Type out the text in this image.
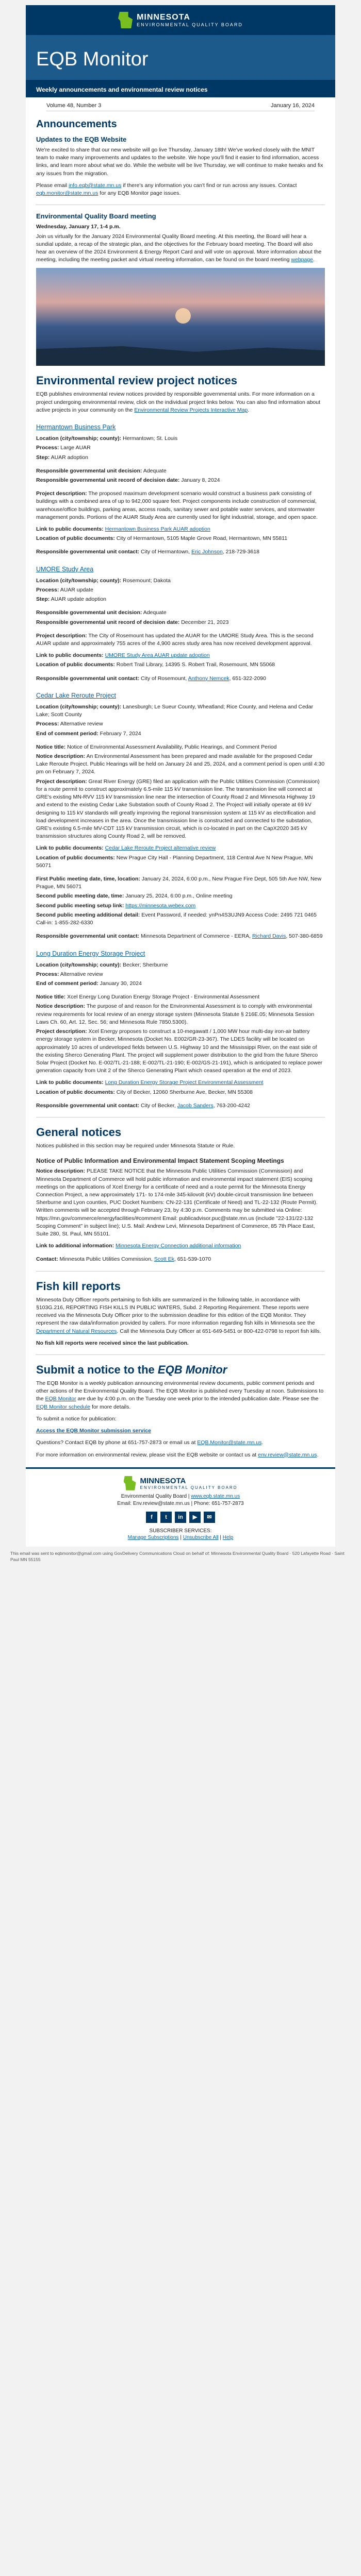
MINNESOTA
ENVIRONMENTAL QUALITY BOARD
EQB Monitor
Weekly announcements and environmental review notices
Volume 48, Number 3	January 16, 2024
Announcements
Updates to the EQB Website

We're excited to share that our new website will go live Thursday, January 18th! We've worked closely with the MNIT team to make many improvements and updates to the website. We hope you'll find it easier to find information, access links, and learn more about what we do. While the website will be live Thursday, we will continue to make tweaks and fix any issues from the migration.

Please email info.eqb@state.mn.us if there's any information you can't find or run across any issues. Contact eqb.monitor@state.mn.us for any EQB Monitor page issues.

Environmental Quality Board meeting

Wednesday, January 17, 1-4 p.m.

Join us virtually for the January 2024 Environmental Quality Board meeting. At this meeting, the Board will hear a sundial update, a recap of the strategic plan, and the objectives for the February board meeting. The Board will also hear an overview of the 2024 Environment & Energy Report Card and will vote on approval. More information about the meeting, including the meeting packet and virtual meeting information, can be found on the board meeting webpage.

Environmental review project notices

EQB publishes environmental review notices provided by responsible governmental units. For more information on a project undergoing environmental review, click on the individual project links below. You can also find information about active projects in your community on the Environmental Review Projects Interactive Map.

Hermantown Business Park

Location (city/township; county): Hermantown; St. Louis

Process: Large AUAR

Step: AUAR adoption

Responsible governmental unit decision: Adequate

Responsible governmental unit record of decision date: January 8, 2024

Project description: The proposed maximum development scenario would construct a business park consisting of buildings with a combined area of up to 942,000 square feet. Project components include construction of commercial, warehouse/office buildings, parking areas, access roads, sanitary sewer and potable water services, and stormwater management ponds. Portions of the AUAR Study Area are currently used for light industrial, storage, and open space.

Link to public documents: Hermantown Business Park AUAR adoption

Location of public documents: City of Hermantown, 5105 Maple Grove Road, Hermantown, MN 55811

Responsible governmental unit contact: City of Hermantown, Eric Johnson, 218-729-3618

UMORE Study Area

Location (city/township; county): Rosemount; Dakota

Process: AUAR update

Step: AUAR update adoption

Responsible governmental unit decision: Adequate

Responsible governmental unit record of decision date: December 21, 2023

Project description: The City of Rosemount has updated the AUAR for the UMORE Study Area. This is the second AUAR update and approximately 755 acres of the 4,900 acres study area has now received development approval.

Link to public documents: UMORE Study Area AUAR update adoption

Location of public documents: Robert Trail Library, 14395 S. Robert Trail, Rosemount, MN 55068

Responsible governmental unit contact: City of Rosemount, Anthony Nemcek, 651-322-2090

Cedar Lake Reroute Project

Location (city/township; county): Lanesburgh; Le Sueur County, Wheatland; Rice County, and Helena and Cedar Lake; Scott County

Process: Alternative review

End of comment period: February 7, 2024

Notice title: Notice of Environmental Assessment Availability, Public Hearings, and Comment Period

Notice description: An Environmental Assessment has been prepared and made available for the proposed Cedar Lake Reroute Project. Public Hearings will be held on January 24 and 25, 2024, and a comment period is open until 4:30 pm on February 7, 2024.

Project description: Great River Energy (GRE) filed an application with the Public Utilities Commission (Commission) for a route permit to construct approximately 6.5-mile 115 kV transmission line. The transmission line will connect at GRE's existing MN-RVV 115 kV transmission line near the intersection of County Road 2 and Minnesota Highway 19 and extend to the existing Cedar Lake Substation south of County Road 2. The Project will initially operate at 69 kV designing to 115 kV standards will greatly improving the regional transmission system at 115 kV as electrification and load development increases in the area. Once the transmission line is constructed and connected to the substation, GRE's existing 6.5-mile MV-CDT 115 kV transmission circuit, which is co-located in part on the CapX2020 345 kV transmission structures along County Road 2, will be removed.

Link to public documents: Cedar Lake Reroute Project alternative review

Location of public documents: New Prague City Hall - Planning Department, 118 Central Ave N New Prague, MN 56071

First Public meeting date, time, location: January 24, 2024, 6:00 p.m., New Prague Fire Dept, 505 5th Ave NW, New Prague, MN 56071

Second public meeting date, time: January 25, 2024, 6:00 p.m., Online meeting

Second public meeting setup link: https://minnesota.webex.com

Second public meeting additional detail: Event Password, if needed: ynPn4S3UJN9 Access Code: 2495 721 0465 Call-in: 1-855-282-6330

Responsible governmental unit contact: Minnesota Department of Commerce - EERA, Richard Davis, 507-380-6859

Long Duration Energy Storage Project

Location (city/township; county): Becker; Sherburne

Process: Alternative review

End of comment period: January 30, 2024

Notice title: Xcel Energy Long Duration Energy Storage Project - Environmental Assessment

Notice description: The purpose of and reason for the Environmental Assessment is to comply with environmental review requirements for local review of an energy storage system (Minnesota Statute § 216E.05; Minnesota Session Laws Ch. 60, Art. 12, Sec. 56; and Minnesota Rule 7850.5300).

Project description: Xcel Energy proposes to construct a 10-megawatt / 1,000 MW hour multi-day iron-air battery energy storage system in Becker, Minnesota (Docket No. E002/GR-23-367). The LDES facility will be located on approximately 10 acres of undeveloped fields between U.S. Highway 10 and the Mississippi River, on the east side of the existing Sherco Generating Plant. The project will supplement power distribution to the grid from the future Sherco Solar Project (Docket No. E-002/TL-21-188; E-002/TL-21-190; E-002/GS-21-191), which is anticipated to replace power generation capacity from Unit 2 of the Sherco Generating Plant which ceased operation at the end of 2023.

Link to public documents: Long Duration Energy Storage Project Environmental Assessment

Location of public documents: City of Becker, 12060 Sherburne Ave, Becker, MN 55308

Responsible governmental unit contact: City of Becker, Jacob Sanders, 763-200-4242

General notices

Notices published in this section may be required under Minnesota Statute or Rule.

Notice of Public Information and Environmental Impact Statement Scoping Meetings

Notice description: PLEASE TAKE NOTICE that the Minnesota Public Utilities Commission (Commission) and Minnesota Department of Commerce will hold public information and environmental impact statement (EIS) scoping meetings on the applications of Xcel Energy for a certificate of need and a route permit for the Minnesota Energy Connection Project, a new approximately 171- to 174-mile 345-kilovolt (kV) double-circuit transmission line between Sherburne and Lyon counties, PUC Docket Numbers: CN-22-131 (Certificate of Need) and TL-22-132 (Route Permit). Written comments will be accepted through February 23, by 4:30 p.m. Comments may be submitted via Online: https://mn.gov/commerce/energyfacilities/#comment Email: publicadvisor.puc@state.mn.us (include "22-131/22-132 Scoping Comment" in subject line); U.S. Mail: Andrew Levi, Minnesota Department of Commerce, 85 7th Place East, Suite 280, St. Paul, MN 55101.

Link to additional information: Minnesota Energy Connection additional information

Contact: Minnesota Public Utilities Commission, Scott Ek, 651-539-1070

Fish kill reports

Minnesota Duty Officer reports pertaining to fish kills are summarized in the following table, in accordance with §103G.216, REPORTING FISH KILLS IN PUBLIC WATERS, Subd. 2 Reporting Requirement. These reports were received via the Minnesota Duty Officer prior to the submission deadline for this edition of the EQB Monitor. They represent the raw data/information provided by callers. For more information regarding fish kills in Minnesota see the Department of Natural Resources. Call the Minnesota Duty Officer at 651-649-5451 or 800-422-0798 to report fish kills.

No fish kill reports were received since the last publication.

Submit a notice to the EQB Monitor

The EQB Monitor is a weekly publication announcing environmental review documents, public comment periods and other actions of the Environmental Quality Board. The EQB Monitor is published every Tuesday at noon. Submissions to the EQB Monitor are due by 4:00 p.m. on the Tuesday one week prior to the intended publication date. Please see the EQB Monitor schedule for more details.

To submit a notice for publication:

Access the EQB Monitor submission service

Questions? Contact EQB by phone at 651-757-2873 or email us at EQB.Monitor@state.mn.us.

For more information on environmental review, please visit the EQB website or contact us at env.review@state.mn.us.

MINNESOTA
ENVIRONMENTAL QUALITY BOARD
Environmental Quality Board | www.eqb.state.mn.us
Email: Env.review@state.mn.us | Phone: 651-757-2873
f	t	in	▶	✉
SUBSCRIBER SERVICES:
Manage Subscriptions | Unsubscribe All | Help
This email was sent to eqbmonitor@gmail.com using GovDelivery Communications Cloud on behalf of: Minnesota Environmental Quality Board · 520 Lafayette Road · Saint Paul MN 55155
